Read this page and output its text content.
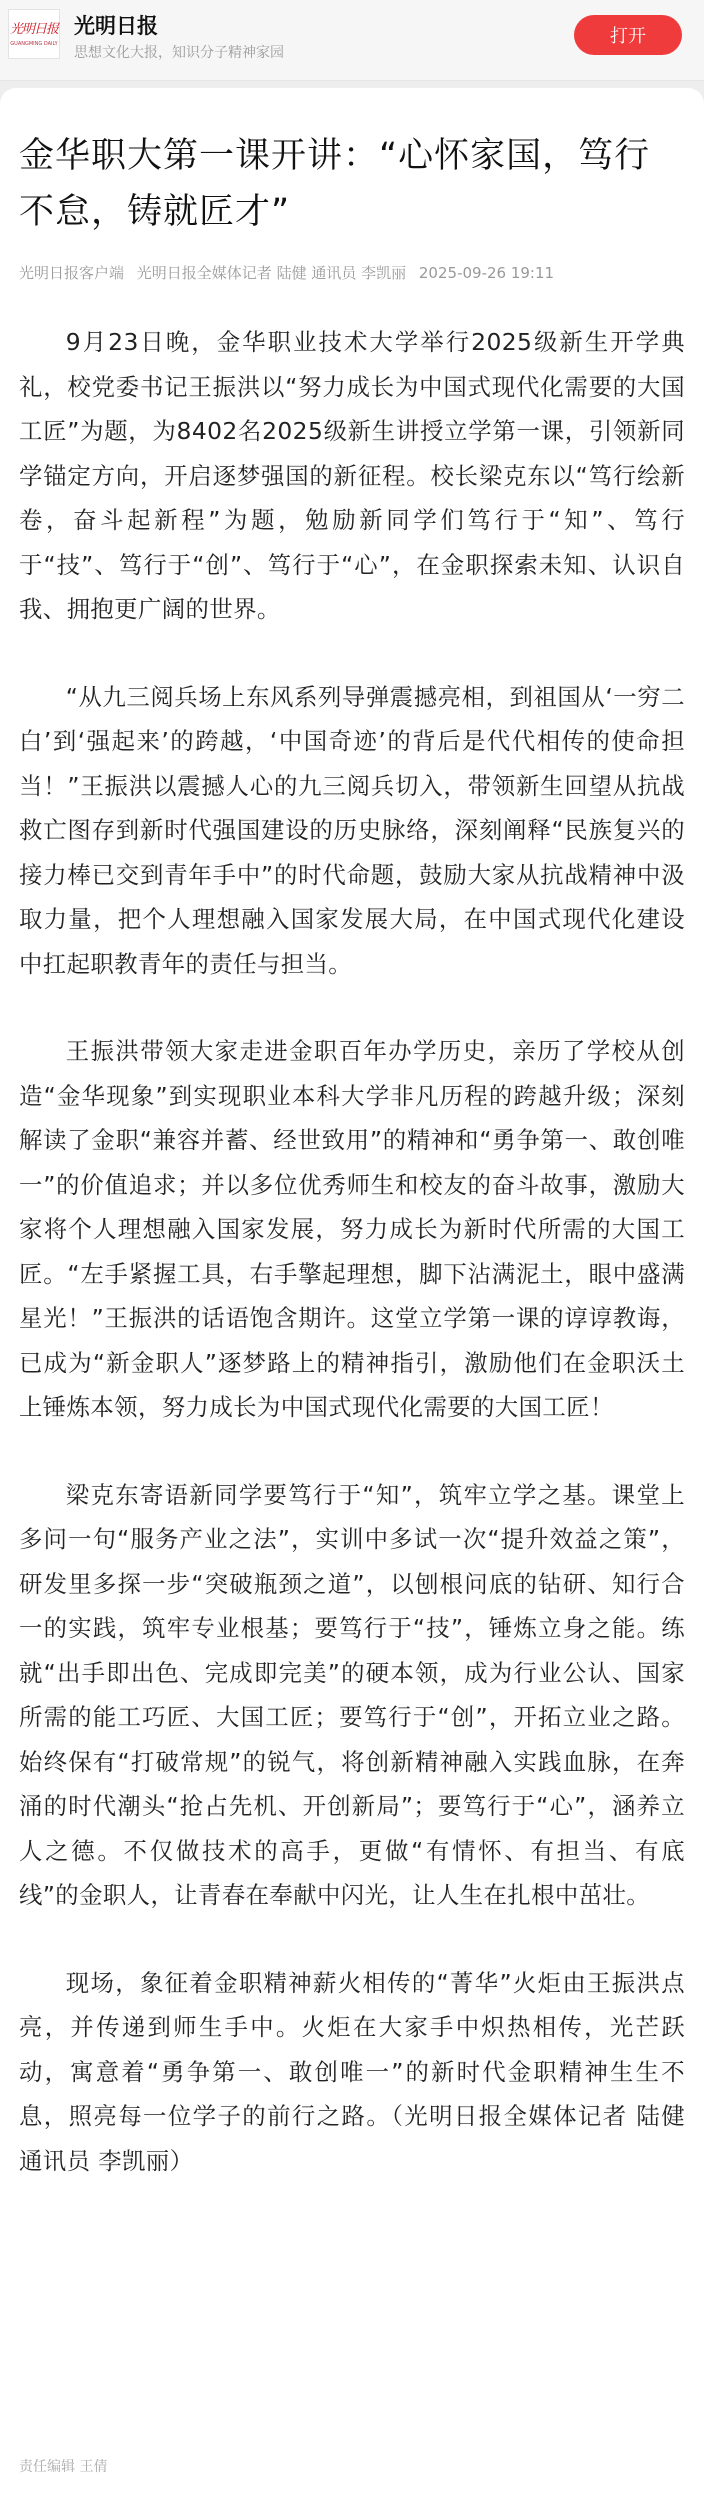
光明日报
GUANGMING DAILY
光明日报
思想文化大报，知识分子精神家园
打开
金华职大第一课开讲：“心怀家国，笃行不怠，铸就匠才”
光明日报客户端 光明日报全媒体记者 陆健 通讯员 李凯丽 2025-09-26 19:11

9月23日晚，金华职业技术大学举行2025级新生开学典礼，校党委书记王振洪以“努力成长为中国式现代化需要的大国工匠”为题，为8402名2025级新生讲授立学第一课，引领新同学锚定方向，开启逐梦强国的新征程。校长梁克东以“笃行绘新卷，奋斗起新程”为题，勉励新同学们笃行于“知”、笃行于“技”、笃行于“创”、笃行于“心”，在金职探索未知、认识自我、拥抱更广阔的世界。

“从九三阅兵场上东风系列导弹震撼亮相，到祖国从‘一穷二白’到‘强起来’的跨越，‘中国奇迹’的背后是代代相传的使命担当！”王振洪以震撼人心的九三阅兵切入，带领新生回望从抗战救亡图存到新时代强国建设的历史脉络，深刻阐释“民族复兴的接力棒已交到青年手中”的时代命题，鼓励大家从抗战精神中汲取力量，把个人理想融入国家发展大局，在中国式现代化建设中扛起职教青年的责任与担当。

王振洪带领大家走进金职百年办学历史，亲历了学校从创造“金华现象”到实现职业本科大学非凡历程的跨越升级；深刻解读了金职“兼容并蓄、经世致用”的精神和“勇争第一、敢创唯一”的价值追求；并以多位优秀师生和校友的奋斗故事，激励大家将个人理想融入国家发展，努力成长为新时代所需的大国工匠。“左手紧握工具，右手擎起理想，脚下沾满泥土，眼中盛满星光！”王振洪的话语饱含期许。这堂立学第一课的谆谆教诲，已成为“新金职人”逐梦路上的精神指引，激励他们在金职沃土上锤炼本领，努力成长为中国式现代化需要的大国工匠！

梁克东寄语新同学要笃行于“知”，筑牢立学之基。课堂上多问一句“服务产业之法”，实训中多试一次“提升效益之策”，研发里多探一步“突破瓶颈之道”，以刨根问底的钻研、知行合一的实践，筑牢专业根基；要笃行于“技”，锤炼立身之能。练就“出手即出色、完成即完美”的硬本领，成为行业公认、国家所需的能工巧匠、大国工匠；要笃行于“创”，开拓立业之路。始终保有“打破常规”的锐气，将创新精神融入实践血脉，在奔涌的时代潮头“抢占先机、开创新局”；要笃行于“心”，涵养立人之德。不仅做技术的高手，更做“有情怀、有担当、有底线”的金职人，让青春在奉献中闪光，让人生在扎根中茁壮。

现场，象征着金职精神薪火相传的“菁华”火炬由王振洪点亮，并传递到师生手中。火炬在大家手中炽热相传，光芒跃动，寓意着“勇争第一、敢创唯一”的新时代金职精神生生不息，照亮每一位学子的前行之路。（光明日报全媒体记者 陆健 通讯员 李凯丽）

责任编辑 王倩
